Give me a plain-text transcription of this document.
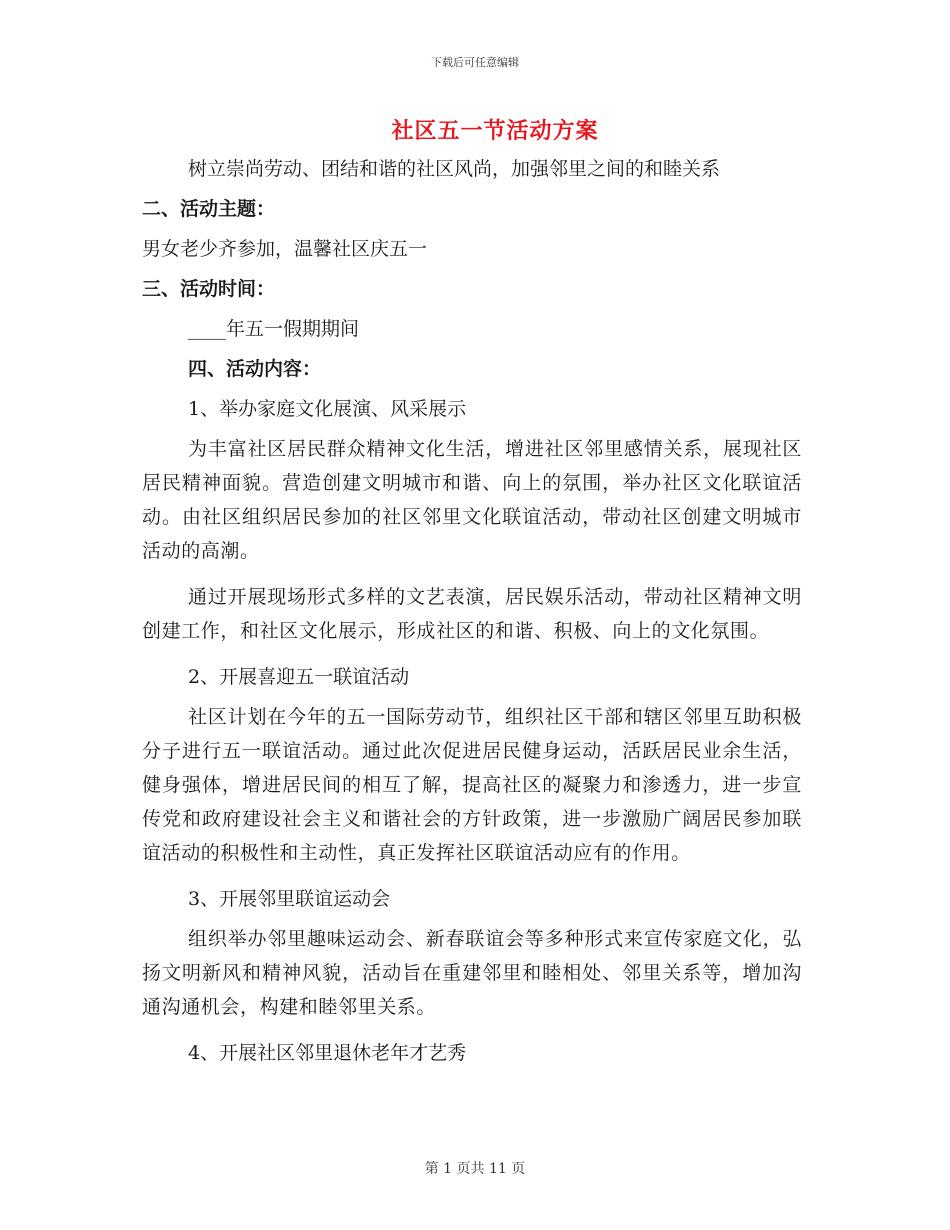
下载后可任意编辑
社区五一节活动方案
树立崇尚劳动、团结和谐的社区风尚，加强邻里之间的和睦关系
二、活动主题：
男女老少齐参加，温馨社区庆五一
三、活动时间：
____年五一假期期间
四、活动内容：
1、举办家庭文化展演、风采展示
为丰富社区居民群众精神文化生活，增进社区邻里感情关系，展现社区居民精神面貌。营造创建文明城市和谐、向上的氛围，举办社区文化联谊活动。由社区组织居民参加的社区邻里文化联谊活动，带动社区创建文明城市活动的高潮。
通过开展现场形式多样的文艺表演，居民娱乐活动，带动社区精神文明创建工作，和社区文化展示，形成社区的和谐、积极、向上的文化氛围。
2、开展喜迎五一联谊活动
社区计划在今年的五一国际劳动节，组织社区干部和辖区邻里互助积极分子进行五一联谊活动。通过此次促进居民健身运动，活跃居民业余生活，健身强体，增进居民间的相互了解，提高社区的凝聚力和渗透力，进一步宣传党和政府建设社会主义和谐社会的方针政策，进一步激励广阔居民参加联谊活动的积极性和主动性，真正发挥社区联谊活动应有的作用。
3、开展邻里联谊运动会
组织举办邻里趣味运动会、新春联谊会等多种形式来宣传家庭文化，弘扬文明新风和精神风貌，活动旨在重建邻里和睦相处、邻里关系等，增加沟通沟通机会，构建和睦邻里关系。
4、开展社区邻里退休老年才艺秀
第 1 页共 11 页
